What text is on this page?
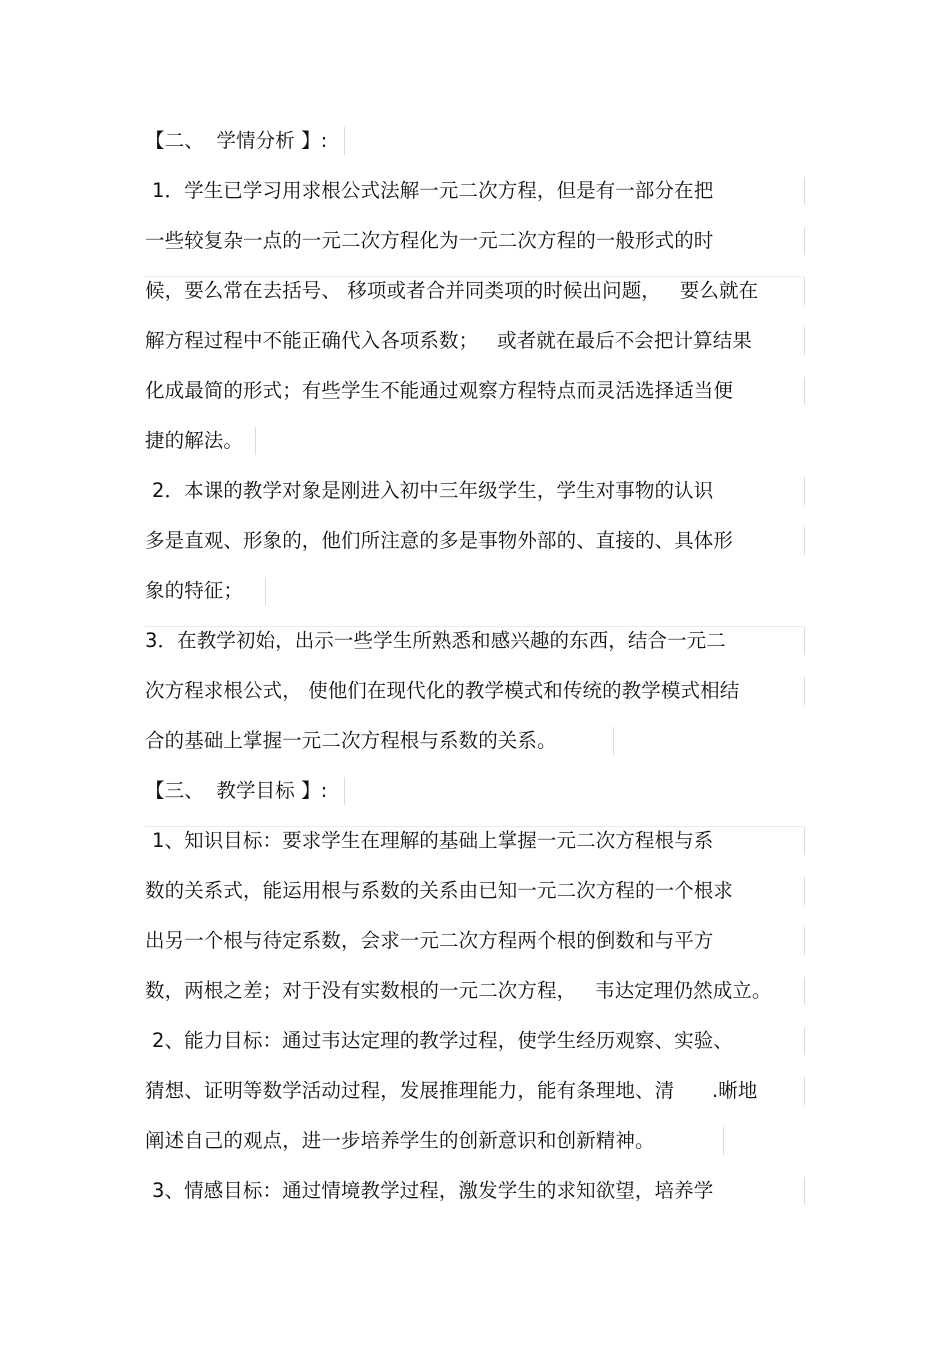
【二、  学情分析 】:
1．学生已学习用求根公式法解一元二次方程，但是有一部分在把
一些较复杂一点的一元二次方程化为一元二次方程的一般形式的时
候，要么常在去括号、 移项或者合并同类项的时候出问题，   要么就在
解方程过程中不能正确代入各项系数；   或者就在最后不会把计算结果
化成最简的形式；有些学生不能通过观察方程特点而灵活选择适当便
捷的解法。
2．本课的教学对象是刚进入初中三年级学生，学生对事物的认识
多是直观、形象的，他们所注意的多是事物外部的、直接的、具体形
象的特征；
3．在教学初始，出示一些学生所熟悉和感兴趣的东西，结合一元二
次方程求根公式， 使他们在现代化的教学模式和传统的教学模式相结
合的基础上掌握一元二次方程根与系数的关系。
【三、  教学目标 】:
1、知识目标：要求学生在理解的基础上掌握一元二次方程根与系
数的关系式，能运用根与系数的关系由已知一元二次方程的一个根求
出另一个根与待定系数，会求一元二次方程两个根的倒数和与平方
数，两根之差；对于没有实数根的一元二次方程，   韦达定理仍然成立。
2、能力目标：通过韦达定理的教学过程，使学生经历观察、实验、
猜想、证明等数学活动过程，发展推理能力，能有条理地、清      .晰地
阐述自己的观点，进一步培养学生的创新意识和创新精神。
3、情感目标：通过情境教学过程，激发学生的求知欲望，培养学
